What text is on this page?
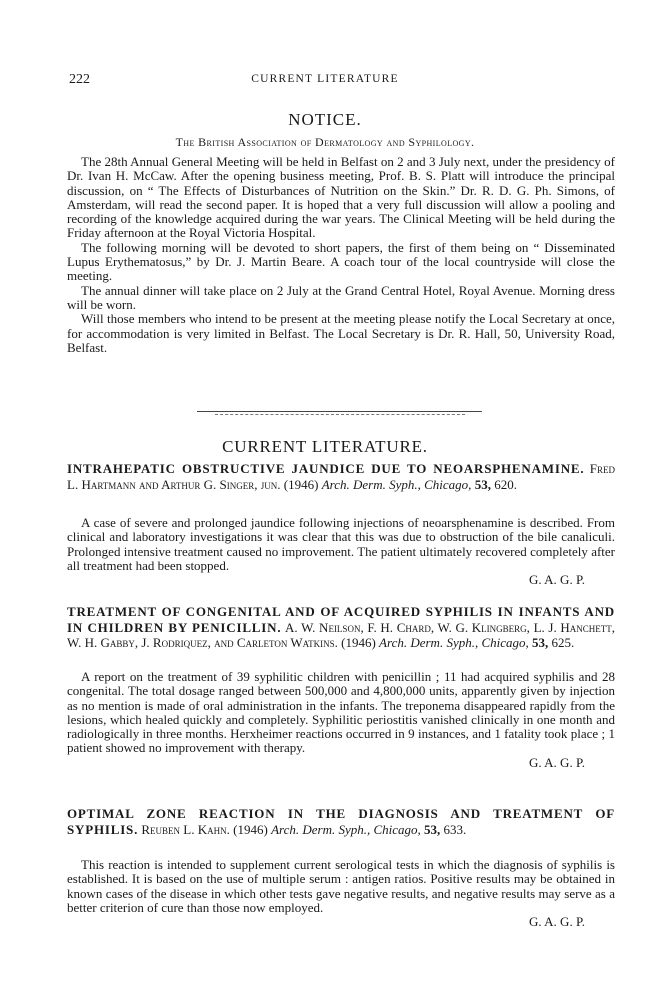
222	CURRENT LITERATURE
NOTICE.
The British Association of Dermatology and Syphilology.

The 28th Annual General Meeting will be held in Belfast on 2 and 3 July next, under the presidency of Dr. Ivan H. McCaw. After the opening business meeting, Prof. B. S. Platt will introduce the principal discussion, on “ The Effects of Disturbances of Nutrition on the Skin.” Dr. R. D. G. Ph. Simons, of Amsterdam, will read the second paper. It is hoped that a very full discussion will allow a pooling and recording of the knowledge acquired during the war years. The Clinical Meeting will be held during the Friday afternoon at the Royal Victoria Hospital.

The following morning will be devoted to short papers, the first of them being on “ Disseminated Lupus Erythematosus,” by Dr. J. Martin Beare. A coach tour of the local countryside will close the meeting.

The annual dinner will take place on 2 July at the Grand Central Hotel, Royal Avenue. Morning dress will be worn.

Will those members who intend to be present at the meeting please notify the Local Secretary at once, for accommodation is very limited in Belfast. The Local Secretary is Dr. R. Hall, 50, University Road, Belfast.

CURRENT LITERATURE.
INTRAHEPATIC OBSTRUCTIVE JAUNDICE DUE TO NEOARSPHENAMINE. Fred L. Hartmann and Arthur G. Singer, jun. (1946) Arch. Derm. Syph., Chicago, 53, 620.

A case of severe and prolonged jaundice following injections of neoarsphenamine is described. From clinical and laboratory investigations it was clear that this was due to obstruction of the bile canaliculi. Prolonged intensive treatment caused no improvement. The patient ultimately recovered completely after all treatment had been stopped.

G. A. G. P.
TREATMENT OF CONGENITAL AND OF ACQUIRED SYPHILIS IN INFANTS AND IN CHILDREN BY PENICILLIN. A. W. Neilson, F. H. Chard, W. G. Klingberg, L. J. Hanchett, W. H. Gabby, J. Rodriquez, and Carleton Watkins. (1946) Arch. Derm. Syph., Chicago, 53, 625.

A report on the treatment of 39 syphilitic children with penicillin ; 11 had acquired syphilis and 28 congenital. The total dosage ranged between 500,000 and 4,800,000 units, apparently given by injection as no mention is made of oral administration in the infants. The treponema disappeared rapidly from the lesions, which healed quickly and completely. Syphilitic periostitis vanished clinically in one month and radiologically in three months. Herxheimer reactions occurred in 9 instances, and 1 fatality took place ; 1 patient showed no improvement with therapy.

G. A. G. P.
OPTIMAL ZONE REACTION IN THE DIAGNOSIS AND TREATMENT OF SYPHILIS. Reuben L. Kahn. (1946) Arch. Derm. Syph., Chicago, 53, 633.

This reaction is intended to supplement current serological tests in which the diagnosis of syphilis is established. It is based on the use of multiple serum : antigen ratios. Positive results may be obtained in known cases of the disease in which other tests gave negative results, and negative results may serve as a better criterion of cure than those now employed.

G. A. G. P.
